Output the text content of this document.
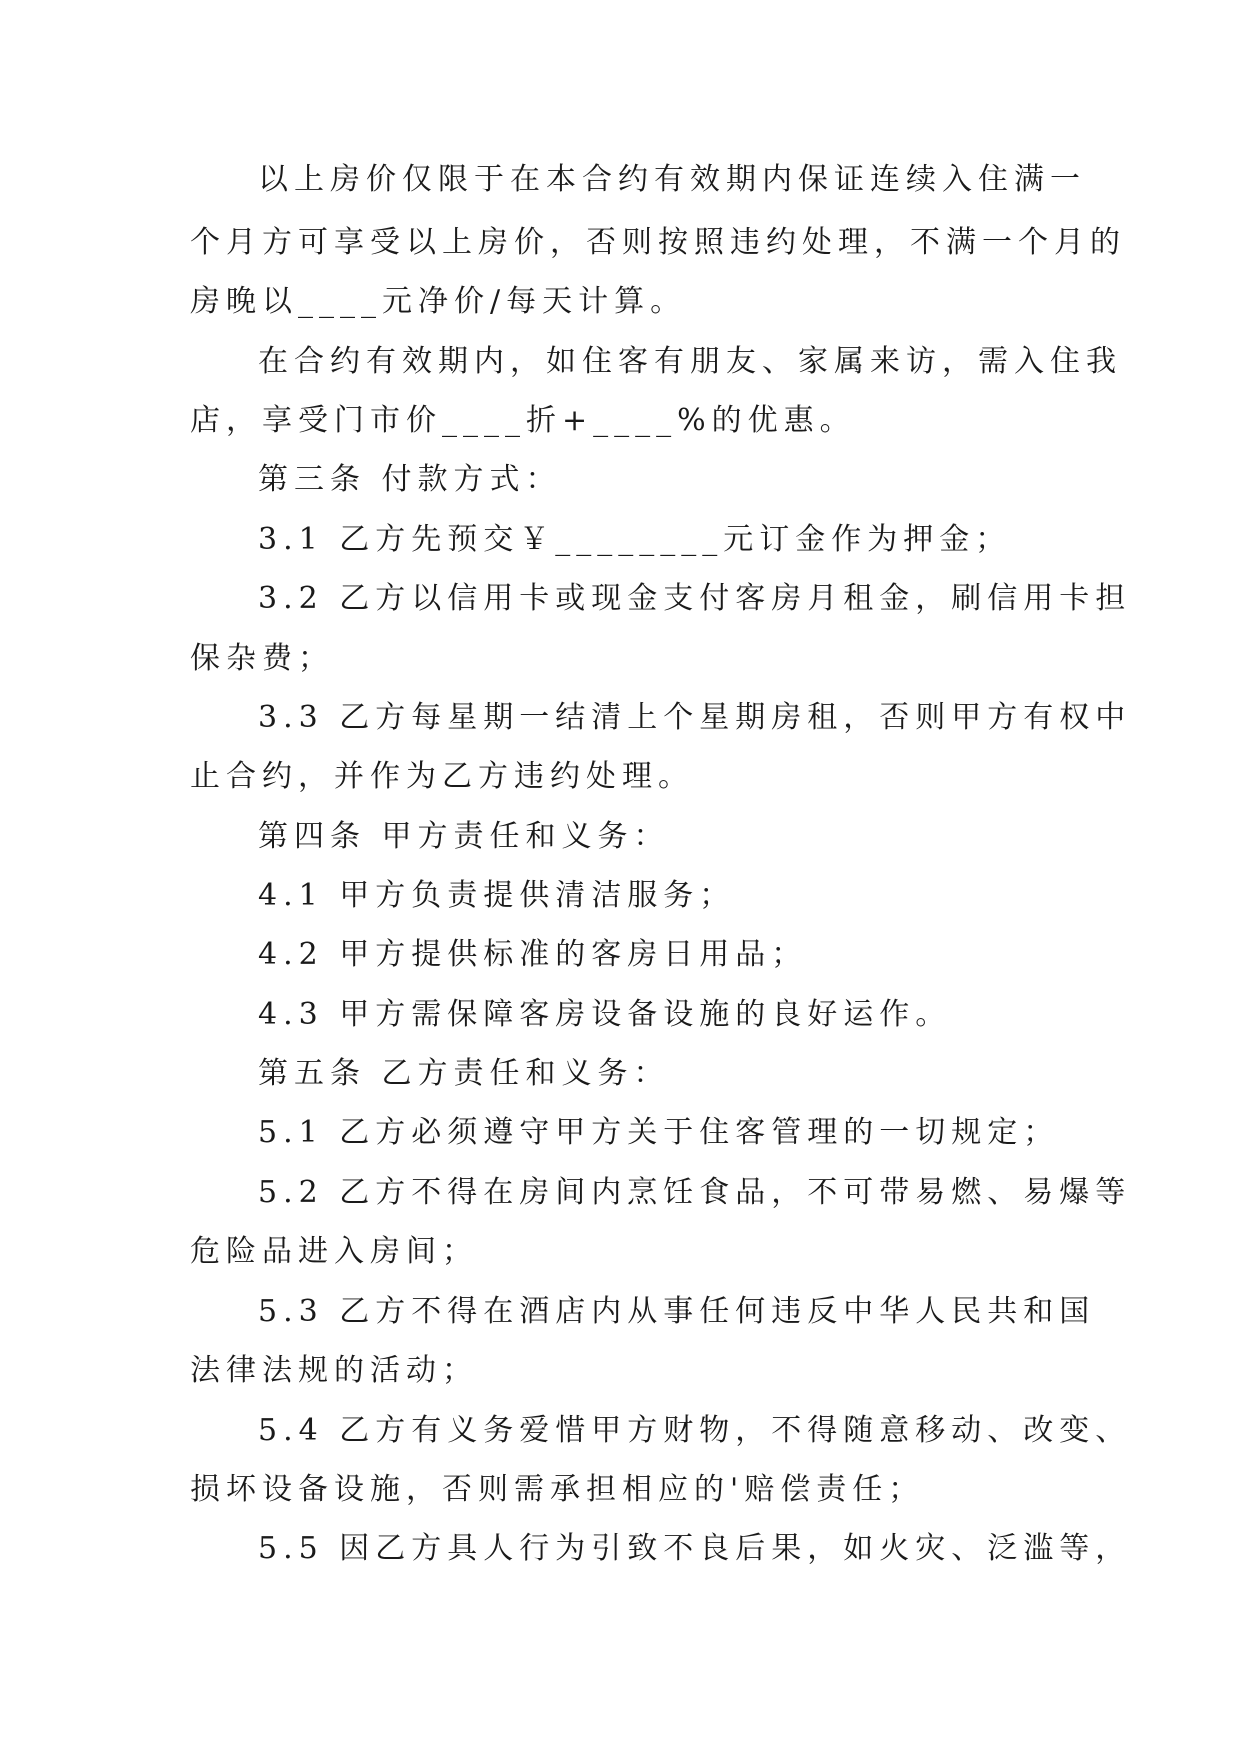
以上房价仅限于在本合约有效期内保证连续入住满一
个月方可享受以上房价，否则按照违约处理，不满一个月的
房晚以____元净价/每天计算。
在合约有效期内，如住客有朋友、家属来访，需入住我
店，享受门市价____折+____%的优惠。
第三条 付款方式：
3.1 乙方先预交￥________元订金作为押金；
3.2 乙方以信用卡或现金支付客房月租金，刷信用卡担
保杂费；
3.3 乙方每星期一结清上个星期房租，否则甲方有权中
止合约，并作为乙方违约处理。
第四条 甲方责任和义务：
4.1 甲方负责提供清洁服务；
4.2 甲方提供标准的客房日用品；
4.3 甲方需保障客房设备设施的良好运作。
第五条 乙方责任和义务：
5.1 乙方必须遵守甲方关于住客管理的一切规定；
5.2 乙方不得在房间内烹饪食品，不可带易燃、易爆等
危险品进入房间；
5.3 乙方不得在酒店内从事任何违反中华人民共和国
法律法规的活动；
5.4 乙方有义务爱惜甲方财物，不得随意移动、改变、
损坏设备设施，否则需承担相应的'赔偿责任；
5.5 因乙方具人行为引致不良后果，如火灾、泛滥等，
